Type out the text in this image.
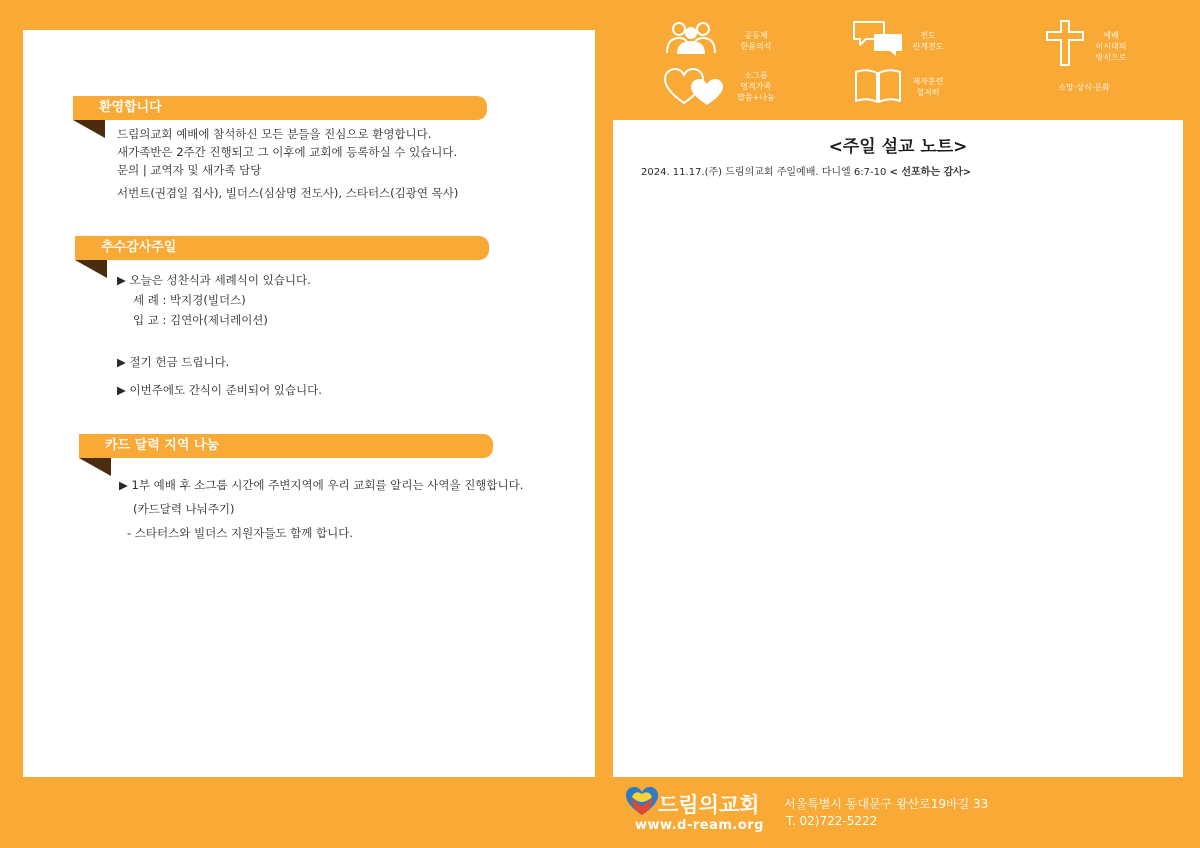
환영합니다
드림의교회 예배에 참석하신 모든 분들을 진심으로 환영합니다.
새가족반은 2주간 진행되고 그 이후에 교회에 등록하실 수 있습니다.
문의 | 교역자 및 새가족 담당
서번트(권겸일 집사), 빌더스(심삼명 전도사), 스타터스(김광연 목사)
추수감사주일
▶ 오늘은 성찬식과 세례식이 있습니다.
세 례 : 박지경(빌더스)
입 교 : 김연아(제너레이션)
▶ 절기 헌금 드립니다.
▶ 이번주에도 간식이 준비되어 있습니다.
카드 달력 지역 나눔
▶ 1부 예배 후 소그룹 시간에 주변지역에 우리 교회를 알리는 사역을 진행합니다.
(카드달력 나눠주기)
- 스타터스와 빌더스 지원자들도 함께 합니다.
공동체
한몸의식
전도
관계전도
예배
이시대의
방식으로
소그룹
영적가족
말씀+나눔
제자훈련
철저히
소망·상식·문화
<주일 설교 노트>
2024. 11.17.(주) 드림의교회 주일예배. 다니엘 6:7-10 < 선포하는 감사>
드림의교회
www.d-ream.org
서울특별시 동대문구 왕산로19바길 33
T. 02)722-5222
